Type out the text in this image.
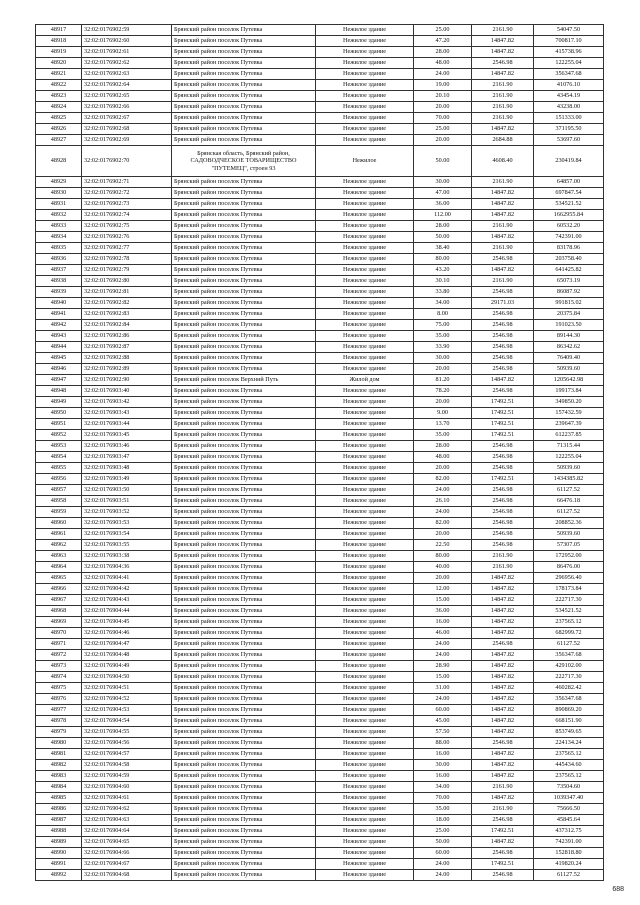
48917	32:02:0176902:59	Брянский район поселок Путевка	Нежилое здание	25.00	2161.90	54047.50
48918	32:02:0176902:60	Брянский район поселок Путевка	Нежилое здание	47.20	14847.82	700817.10
48919	32:02:0176902:61	Брянский район поселок Путевка	Нежилое здание	28.00	14847.82	415738.96
48920	32:02:0176902:62	Брянский район поселок Путевка	Нежилое здание	48.00	2546.98	122255.04
48921	32:02:0176902:63	Брянский район поселок Путевка	Нежилое здание	24.00	14847.82	356347.68
48922	32:02:0176902:64	Брянский район поселок Путевка	Нежилое здание	19.00	2161.90	41076.10
48923	32:02:0176902:65	Брянский район поселок Путевка	Нежилое здание	20.10	2161.90	43454.19
48924	32:02:0176902:66	Брянский район поселок Путевка	Нежилое здание	20.00	2161.90	43238.00
48925	32:02:0176902:67	Брянский район поселок Путевка	Нежилое здание	70.00	2161.90	151333.00
48926	32:02:0176902:68	Брянский район поселок Путевка	Нежилое здание	25.00	14847.82	371195.50
48927	32:02:0176902:69	Брянский район поселок Путевка	Нежилое здание	20.00	2684.88	53697.60
48928	32:02:0176902:70	Брянская область, Брянский район, САДОВОДЧЕСКОЕ ТОВАРИЩЕСТВО "ПУТЕМЕЦ", строен 93	Нежилое	50.00	4608.40	230419.84
48929	32:02:0176902:71	Брянский район поселок Путевка	Нежилое здание	30.00	2161.90	64857.00
48930	32:02:0176902:72	Брянский район поселок Путевка	Нежилое здание	47.00	14847.82	697847.54
48931	32:02:0176902:73	Брянский район поселок Путевка	Нежилое здание	36.00	14847.82	534521.52
48932	32:02:0176902:74	Брянский район поселок Путевка	Нежилое здание	112.00	14847.82	1662955.84
48933	32:02:0176902:75	Брянский район поселок Путевка	Нежилое здание	28.00	2161.90	60532.20
48934	32:02:0176902:76	Брянский район поселок Путевка	Нежилое здание	50.00	14847.82	742391.00
48935	32:02:0176902:77	Брянский район поселок Путевка	Нежилое здание	38.40	2161.90	83178.96
48936	32:02:0176902:78	Брянский район поселок Путевка	Нежилое здание	80.00	2546.98	203758.40
48937	32:02:0176902:79	Брянский район поселок Путевка	Нежилое здание	43.20	14847.82	641425.82
48938	32:02:0176902:80	Брянский район поселок Путевка	Нежилое здание	30.10	2161.90	65073.19
48939	32:02:0176902:81	Брянский район поселок Путевка	Нежилое здание	33.80	2546.98	86087.92
48940	32:02:0176902:82	Брянский район поселок Путевка	Нежилое здание	34.00	29171.03	991815.02
48941	32:02:0176902:83	Брянский район поселок Путевка	Нежилое здание	8.00	2546.98	20375.84
48942	32:02:0176902:84	Брянский район поселок Путевка	Нежилое здание	75.00	2546.98	191023.50
48943	32:02:0176902:86	Брянский район поселок Путевка	Нежилое здание	35.00	2546.98	89144.30
48944	32:02:0176902:87	Брянский район поселок Путевка	Нежилое здание	33.90	2546.98	86342.62
48945	32:02:0176902:88	Брянский район поселок Путевка	Нежилое здание	30.00	2546.98	76409.40
48946	32:02:0176902:89	Брянский район поселок Путевка	Нежилое здание	20.00	2546.98	50939.60
48947	32:02:0176902:90	Брянский район поселок Верхний Путь	Жилой дом	81.20	14847.82	1205642.98
48948	32:02:0176903:40	Брянский район поселок Путевка	Нежилое здание	78.20	2546.98	199173.84
48949	32:02:0176903:42	Брянский район поселок Путевка	Нежилое здание	20.00	17492.51	349850.20
48950	32:02:0176903:43	Брянский район поселок Путевка	Нежилое здание	9.00	17492.51	157432.59
48951	32:02:0176903:44	Брянский район поселок Путевка	Нежилое здание	13.70	17492.51	239647.39
48952	32:02:0176903:45	Брянский район поселок Путевка	Нежилое здание	35.00	17492.51	612237.85
48953	32:02:0176903:46	Брянский район поселок Путевка	Нежилое здание	28.00	2546.98	71315.44
48954	32:02:0176903:47	Брянский район поселок Путевка	Нежилое здание	48.00	2546.98	122255.04
48955	32:02:0176903:48	Брянский район поселок Путевка	Нежилое здание	20.00	2546.98	50939.60
48956	32:02:0176903:49	Брянский район поселок Путевка	Нежилое здание	82.00	17492.51	1434385.82
48957	32:02:0176903:50	Брянский район поселок Путевка	Нежилое здание	24.00	2546.98	61127.52
48958	32:02:0176903:51	Брянский район поселок Путевка	Нежилое здание	26.10	2546.98	66476.18
48959	32:02:0176903:52	Брянский район поселок Путевка	Нежилое здание	24.00	2546.98	61127.52
48960	32:02:0176903:53	Брянский район поселок Путевка	Нежилое здание	82.00	2546.98	208852.36
48961	32:02:0176903:54	Брянский район поселок Путевка	Нежилое здание	20.00	2546.98	50939.60
48962	32:02:0176903:55	Брянский район поселок Путевка	Нежилое здание	22.50	2546.98	57307.05
48963	32:02:0176903:38	Брянский район поселок Путевка	Нежилое здание	80.00	2161.90	172952.00
48964	32:02:0176904:36	Брянский район поселок Путевка	Нежилое здание	40.00	2161.90	86476.00
48965	32:02:0176904:41	Брянский район поселок Путевка	Нежилое здание	20.00	14847.82	296956.40
48966	32:02:0176904:42	Брянский район поселок Путевка	Нежилое здание	12.00	14847.82	178173.84
48967	32:02:0176904:43	Брянский район поселок Путевка	Нежилое здание	15.00	14847.82	222717.30
48968	32:02:0176904:44	Брянский район поселок Путевка	Нежилое здание	36.00	14847.82	534521.52
48969	32:02:0176904:45	Брянский район поселок Путевка	Нежилое здание	16.00	14847.82	237565.12
48970	32:02:0176904:46	Брянский район поселок Путевка	Нежилое здание	46.00	14847.82	682999.72
48971	32:02:0176904:47	Брянский район поселок Путевка	Нежилое здание	24.00	2546.98	61127.52
48972	32:02:0176904:48	Брянский район поселок Путевка	Нежилое здание	24.00	14847.82	356347.68
48973	32:02:0176904:49	Брянский район поселок Путевка	Нежилое здание	28.90	14847.82	429102.00
48974	32:02:0176904:50	Брянский район поселок Путевка	Нежилое здание	15.00	14847.82	222717.30
48975	32:02:0176904:51	Брянский район поселок Путевка	Нежилое здание	31.00	14847.82	460282.42
48976	32:02:0176904:52	Брянский район поселок Путевка	Нежилое здание	24.00	14847.82	356347.68
48977	32:02:0176904:53	Брянский район поселок Путевка	Нежилое здание	60.00	14847.82	890869.20
48978	32:02:0176904:54	Брянский район поселок Путевка	Нежилое здание	45.00	14847.82	668151.90
48979	32:02:0176904:55	Брянский район поселок Путевка	Нежилое здание	57.50	14847.82	853749.65
48980	32:02:0176904:56	Брянский район поселок Путевка	Нежилое здание	88.00	2546.98	224134.24
48981	32:02:0176904:57	Брянский район поселок Путевка	Нежилое здание	16.00	14847.82	237565.12
48982	32:02:0176904:58	Брянский район поселок Путевка	Нежилое здание	30.00	14847.82	445434.60
48983	32:02:0176904:59	Брянский район поселок Путевка	Нежилое здание	16.00	14847.82	237565.12
48984	32:02:0176904:60	Брянский район поселок Путевка	Нежилое здание	34.00	2161.90	73504.60
48985	32:02:0176904:61	Брянский район поселок Путевка	Нежилое здание	70.00	14847.82	1039347.40
48986	32:02:0176904:62	Брянский район поселок Путевка	Нежилое здание	35.00	2161.90	75666.50
48987	32:02:0176904:63	Брянский район поселок Путевка	Нежилое здание	18.00	2546.98	45845.64
48988	32:02:0176904:64	Брянский район поселок Путевка	Нежилое здание	25.00	17492.51	437312.75
48989	32:02:0176904:65	Брянский район поселок Путевка	Нежилое здание	50.00	14847.82	742391.00
48990	32:02:0176904:66	Брянский район поселок Путевка	Нежилое здание	60.00	2546.98	152818.80
48991	32:02:0176904:67	Брянский район поселок Путевка	Нежилое здание	24.00	17492.51	419820.24
48992	32:02:0176904:68	Брянский район поселок Путевка	Нежилое здание	24.00	2546.98	61127.52
688
